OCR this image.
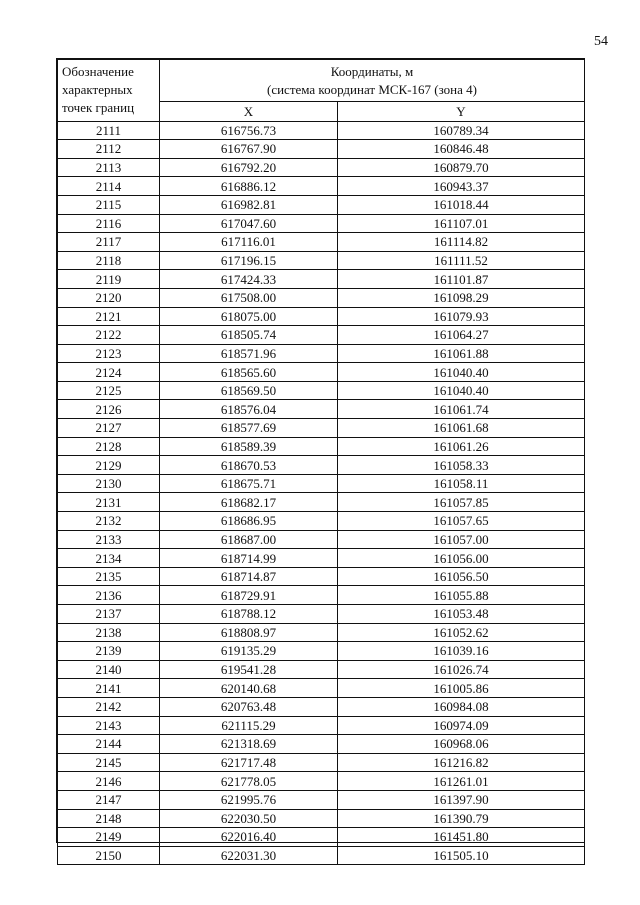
54
Обозначение
характерных
точек границ	Координаты, м
(система координат МСК-167 (зона 4)	
	X	Y
2111	616756.73	160789.34
2112	616767.90	160846.48
2113	616792.20	160879.70
2114	616886.12	160943.37
2115	616982.81	161018.44
2116	617047.60	161107.01
2117	617116.01	161114.82
2118	617196.15	161111.52
2119	617424.33	161101.87
2120	617508.00	161098.29
2121	618075.00	161079.93
2122	618505.74	161064.27
2123	618571.96	161061.88
2124	618565.60	161040.40
2125	618569.50	161040.40
2126	618576.04	161061.74
2127	618577.69	161061.68
2128	618589.39	161061.26
2129	618670.53	161058.33
2130	618675.71	161058.11
2131	618682.17	161057.85
2132	618686.95	161057.65
2133	618687.00	161057.00
2134	618714.99	161056.00
2135	618714.87	161056.50
2136	618729.91	161055.88
2137	618788.12	161053.48
2138	618808.97	161052.62
2139	619135.29	161039.16
2140	619541.28	161026.74
2141	620140.68	161005.86
2142	620763.48	160984.08
2143	621115.29	160974.09
2144	621318.69	160968.06
2145	621717.48	161216.82
2146	621778.05	161261.01
2147	621995.76	161397.90
2148	622030.50	161390.79
2149	622016.40	161451.80
2150	622031.30	161505.10
